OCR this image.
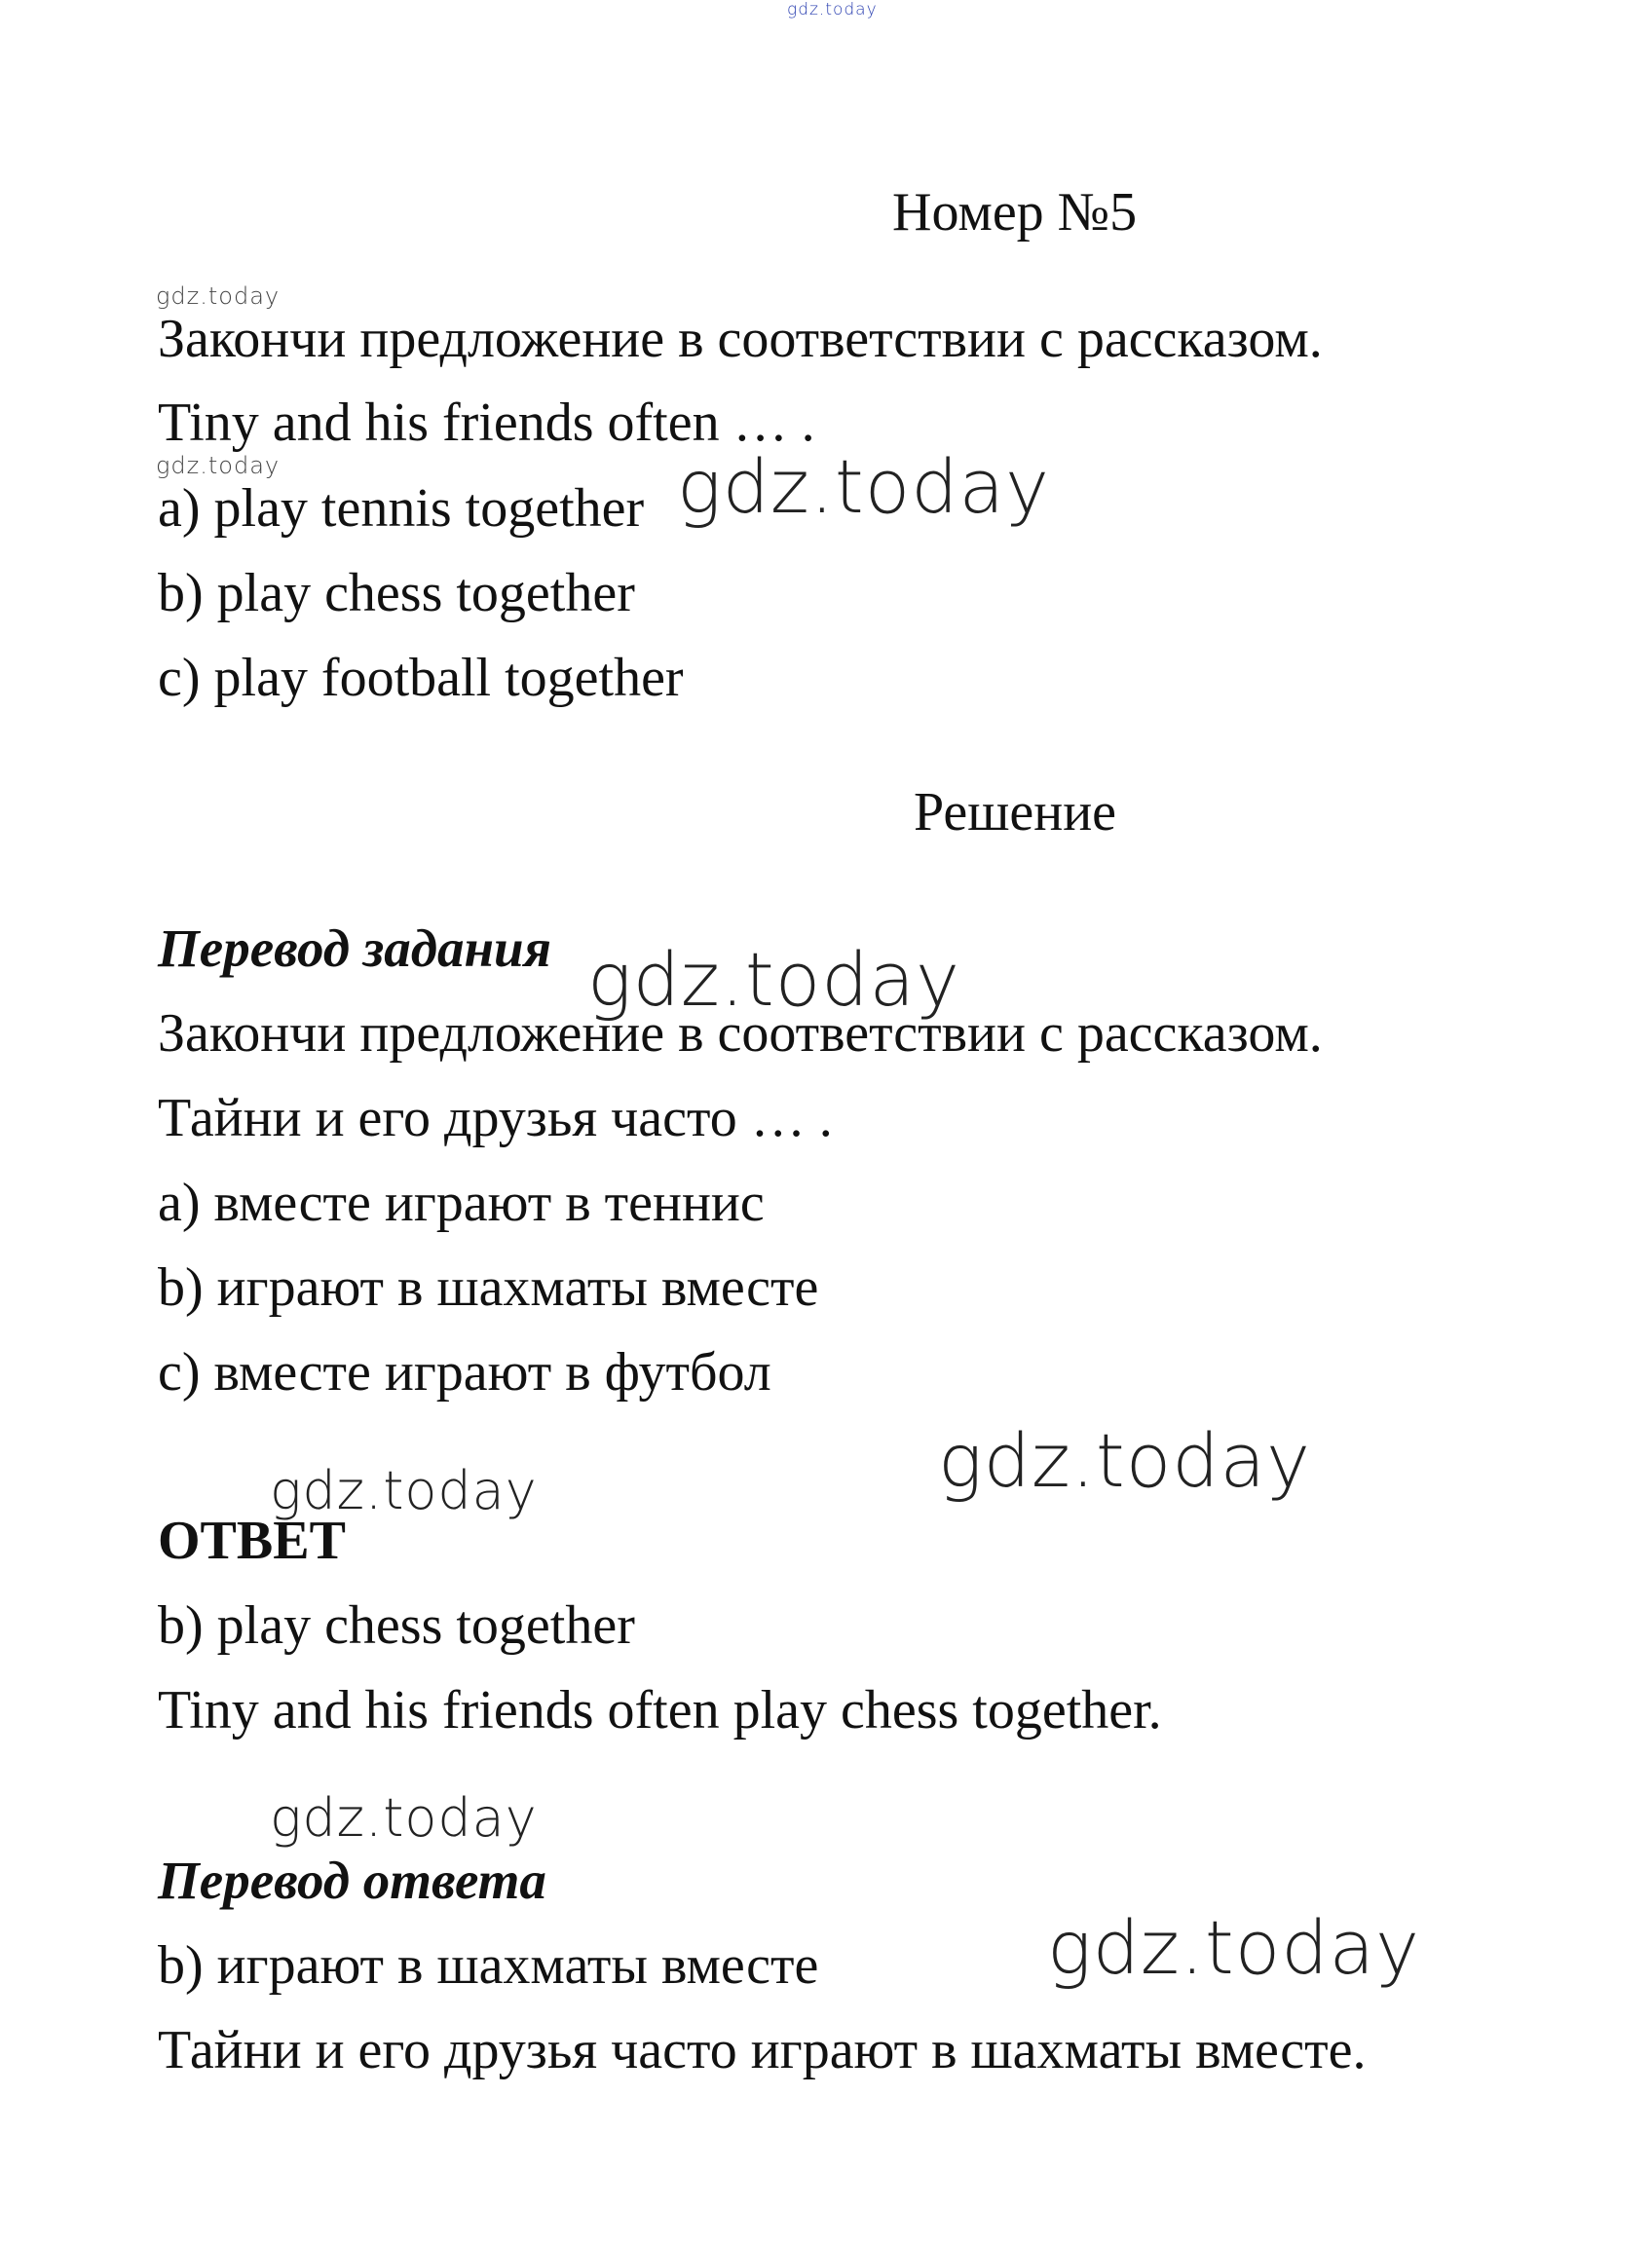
gdz.today
gdz.today
gdz.today	gdz.today
gdz.today
gdz.today	gdz.today
gdz.today
gdz.today
Номер №5
Закончи предложение в соответствии с рассказом.
Tiny and his friends often … .
a) play tennis together
b) play chess together
c) play football together
Решение
Перевод задания
Закончи предложение в соответствии с рассказом.
Тайни и его друзья часто … .
a) вместе играют в теннис
b) играют в шахматы вместе
c) вместе играют в футбол
ОТВЕТ
b) play chess together
Tiny and his friends often play chess together.
Перевод ответа
b) играют в шахматы вместе
Тайни и его друзья часто играют в шахматы вместе.
